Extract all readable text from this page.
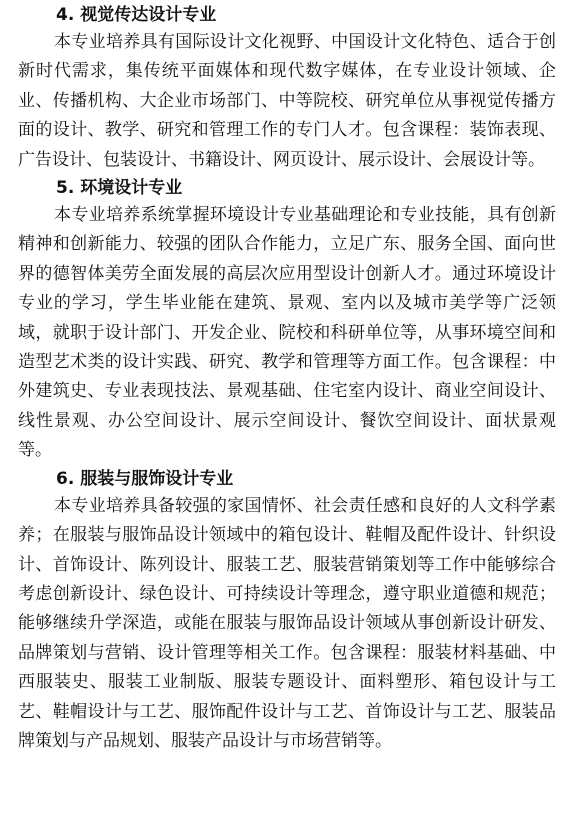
4. 视觉传达设计专业

本专业培养具有国际设计文化视野、中国设计文化特色、适合于创新时代需求，集传统平面媒体和现代数字媒体，在专业设计领域、企业、传播机构、大企业市场部门、中等院校、研究单位从事视觉传播方面的设计、教学、研究和管理工作的专门人才。包含课程：装饰表现、广告设计、包装设计、书籍设计、网页设计、展示设计、会展设计等。

5. 环境设计专业

本专业培养系统掌握环境设计专业基础理论和专业技能，具有创新精神和创新能力、较强的团队合作能力，立足广东、服务全国、面向世界的德智体美劳全面发展的高层次应用型设计创新人才。通过环境设计专业的学习，学生毕业能在建筑、景观、室内以及城市美学等广泛领域，就职于设计部门、开发企业、院校和科研单位等，从事环境空间和造型艺术类的设计实践、研究、教学和管理等方面工作。包含课程：中外建筑史、专业表现技法、景观基础、住宅室内设计、商业空间设计、线性景观、办公空间设计、展示空间设计、餐饮空间设计、面状景观等。

6. 服装与服饰设计专业

本专业培养具备较强的家国情怀、社会责任感和良好的人文科学素养；在服装与服饰品设计领域中的箱包设计、鞋帽及配件设计、针织设计、首饰设计、陈列设计、服装工艺、服装营销策划等工作中能够综合考虑创新设计、绿色设计、可持续设计等理念，遵守职业道德和规范；能够继续升学深造，或能在服装与服饰品设计领域从事创新设计研发、 品牌策划与营销、设计管理等相关工作。包含课程：服装材料基础、中西服装史、服装工业制版、服装专题设计、面料塑形、箱包设计与工艺、鞋帽设计与工艺、服饰配件设计与工艺、首饰设计与工艺、服装品牌策划与产品规划、服装产品设计与市场营销等。
